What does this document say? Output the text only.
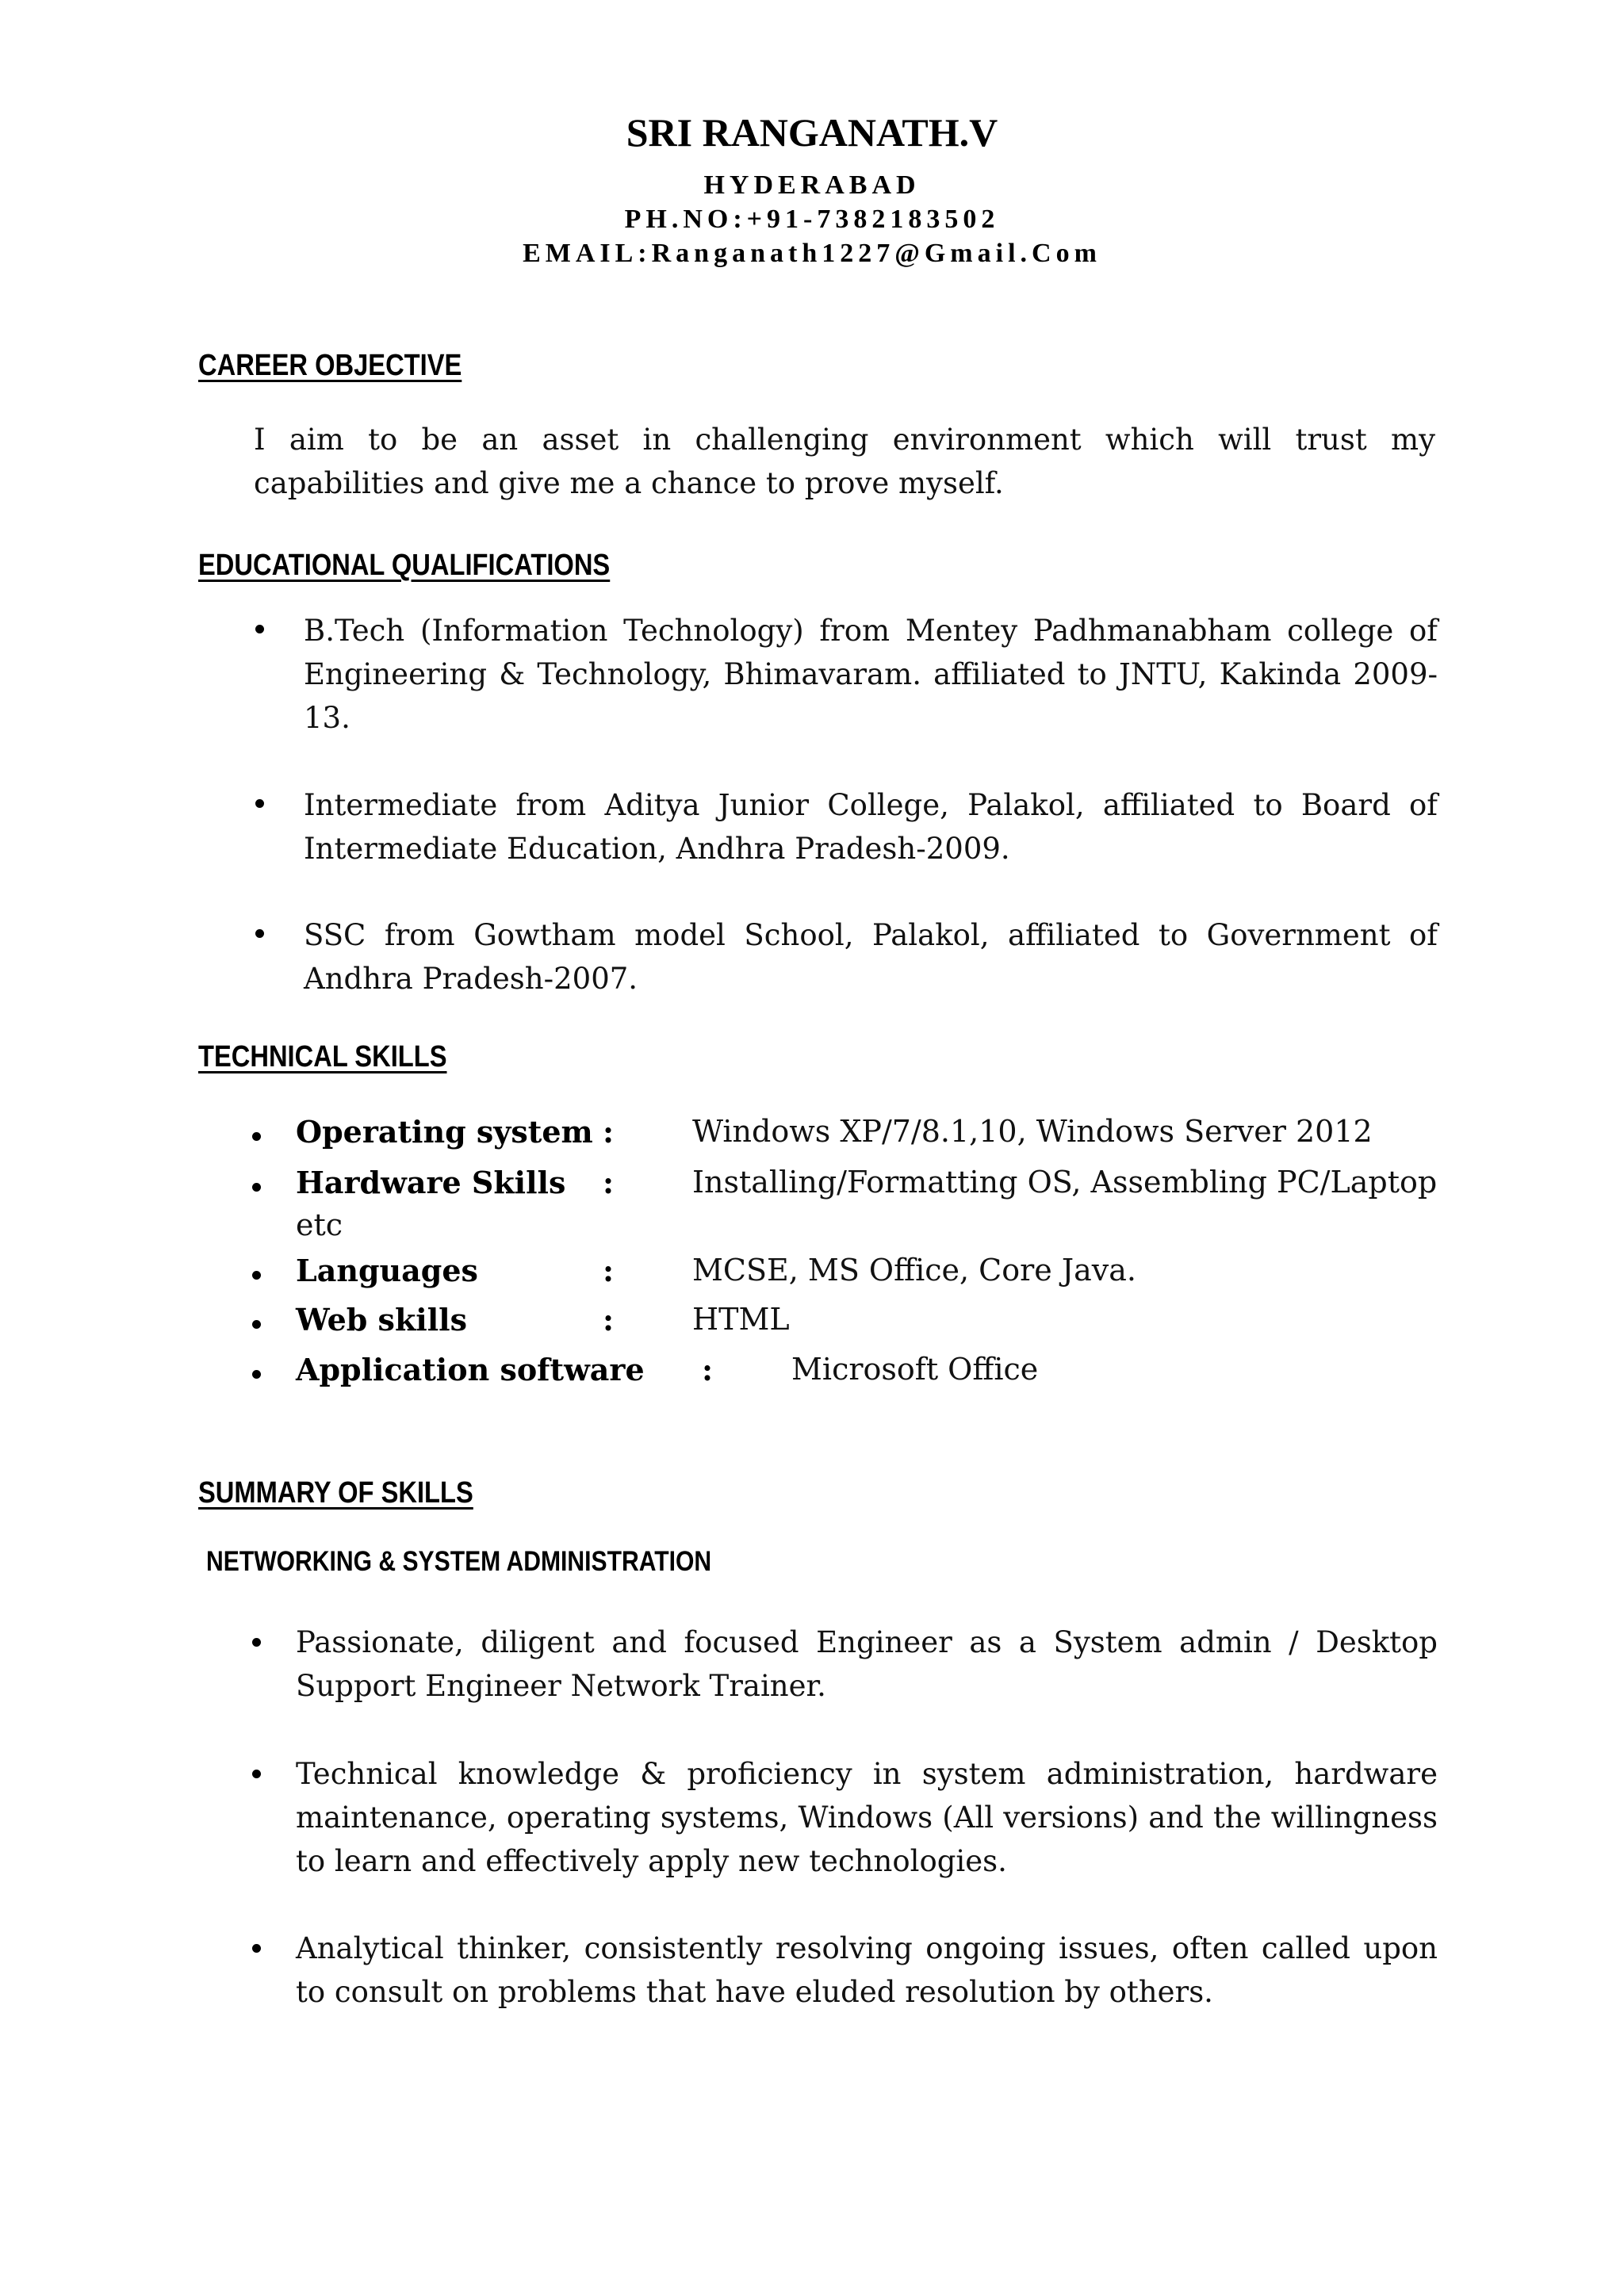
SRI RANGANATH.V
HYDERABAD
PH.NO:+91-7382183502
EMAIL:Ranganath1227@Gmail.Com
CAREER OBJECTIVE
I aim to be an asset in challenging environment which will trust my capabilities and give me a chance to prove myself.
EDUCATIONAL QUALIFICATIONS
B.Tech (Information Technology) from Mentey Padhmanabham college of Engineering & Technology, Bhimavaram. affiliated to JNTU, Kakinda 2009-13.
Intermediate from Aditya Junior College, Palakol, affiliated to Board of Intermediate Education, Andhra Pradesh-2009.
SSC from Gowtham model School, Palakol, affiliated to Government of Andhra Pradesh-2007.
TECHNICAL SKILLS
Operating system :	Windows XP/7/8.1,10, Windows Server 2012
Hardware Skills :	Installing/Formatting OS, Assembling PC/Laptop
etc
Languages	:	MCSE, MS Office, Core Java.
Web skills	:	HTML
Application software :	Microsoft Office
SUMMARY OF SKILLS
NETWORKING & SYSTEM ADMINISTRATION
Passionate, diligent and focused Engineer as a System admin / Desktop Support Engineer Network Trainer.
Technical knowledge & proficiency in system administration, hardware maintenance, operating systems, Windows (All versions) and the willingness to learn and effectively apply new technologies.
Analytical thinker, consistently resolving ongoing issues, often called upon to consult on problems that have eluded resolution by others.
